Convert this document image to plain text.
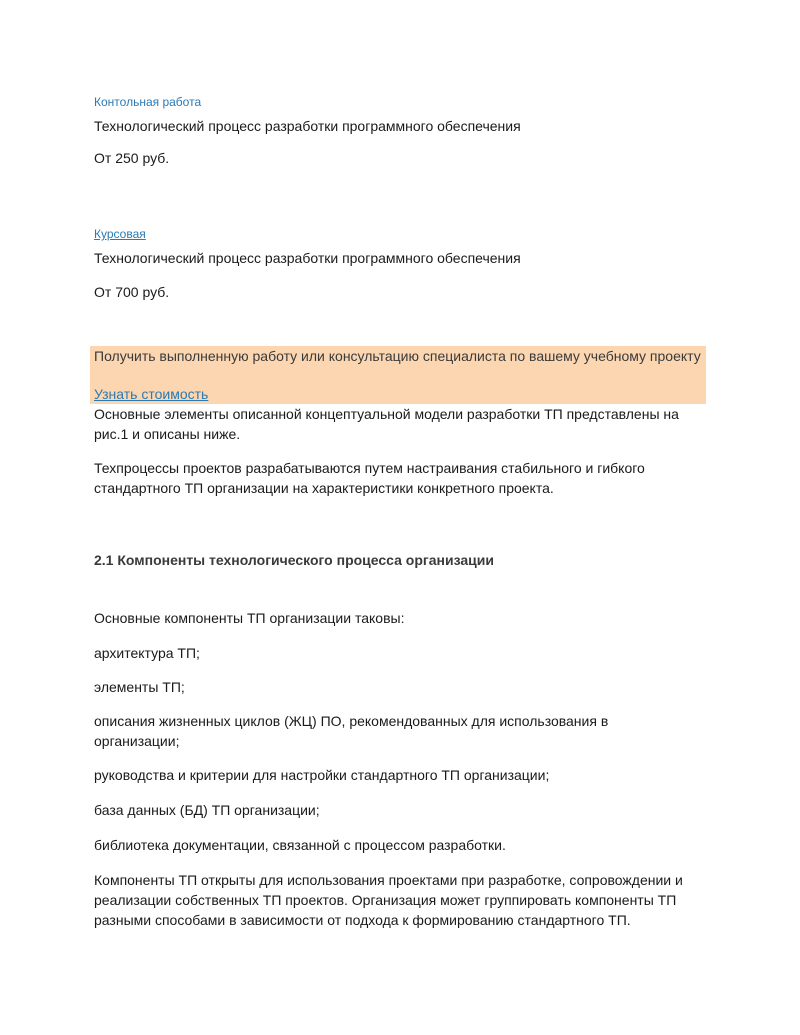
Контольная работа

Технологический процесс разработки программного обеспечения

От 250 руб.

Курсовая

Технологический процесс разработки программного обеспечения

От 700 руб.

Получить выполненную работу или консультацию специалиста по вашему учебному проекту
Узнать стоимость

Основные элементы описанной концептуальной модели разработки ТП представлены на рис.1 и описаны ниже.

Техпроцессы проектов разрабатываются путем настраивания стабильного и гибкого стандартного ТП организации на характеристики конкретного проекта.

2.1 Компоненты технологического процесса организации

Основные компоненты ТП организации таковы:

архитектура ТП;

элементы ТП;

описания жизненных циклов (ЖЦ) ПО, рекомендованных для использования в организации;

руководства и критерии для настройки стандартного ТП организации;

база данных (БД) ТП организации;

библиотека документации, связанной с процессом разработки.

Компоненты ТП открыты для использования проектами при разработке, сопровождении и реализации собственных ТП проектов. Организация может группировать компоненты ТП разными способами в зависимости от подхода к формированию стандартного ТП.
